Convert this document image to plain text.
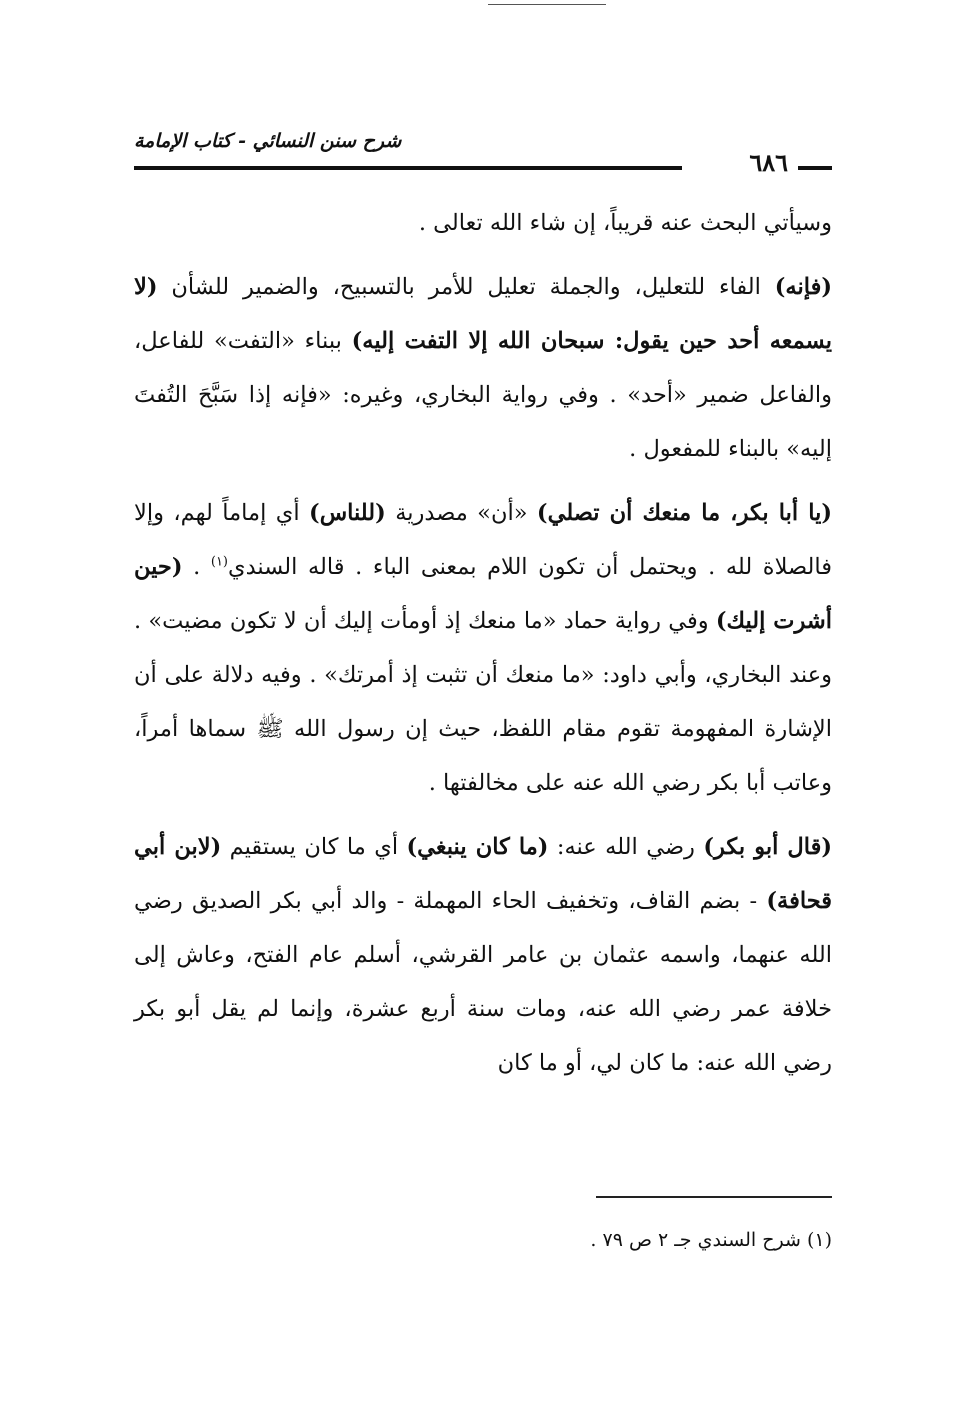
شرح سنن النسائي - كتاب الإمامة
٦٨٦

وسيأتي البحث عنه قريباً، إن شاء الله تعالى .

(فإنه) الفاء للتعليل، والجملة تعليل للأمر بالتسبيح، والضمير للشأن (لا يسمعه أحد حين يقول: سبحان الله إلا التفت إليه) ببناء «التفت» للفاعل، والفاعل ضمير «أحد» . وفي رواية البخاري، وغيره: «فإنه إذا سَبَّحَ التُفتَ إليه» بالبناء للمفعول .

(يا أبا بكر، ما منعك أن تصلي) «أن» مصدرية (للناس) أي إماماً لهم، وإلا فالصلاة لله . ويحتمل أن تكون اللام بمعنى الباء . قاله السندي$^{(١)}$ . (حين أشرت إليك) وفي رواية حماد «ما منعك إذ أومأت إليك أن لا تكون مضيت» . وعند البخاري، وأبي داود: «ما منعك أن تثبت إذ أمرتك» . وفيه دلالة على أن الإشارة المفهومة تقوم مقام اللفظ، حيث إن رسول الله ﷺ سماها أمراً، وعاتب أبا بكر رضي الله عنه على مخالفتها .

(قال أبو بكر) رضي الله عنه: (ما كان ينبغي) أي ما كان يستقيم (لابن أبي قحافة) - بضم القاف، وتخفيف الحاء المهملة - والد أبي بكر الصديق رضي الله عنهما، واسمه عثمان بن عامر القرشي، أسلم عام الفتح، وعاش إلى خلافة عمر رضي الله عنه، ومات سنة أربع عشرة، وإنما لم يقل أبو بكر رضي الله عنه: ما كان لي، أو ما كان

(١) شرح السندي جـ ٢ ص ٧٩ .
